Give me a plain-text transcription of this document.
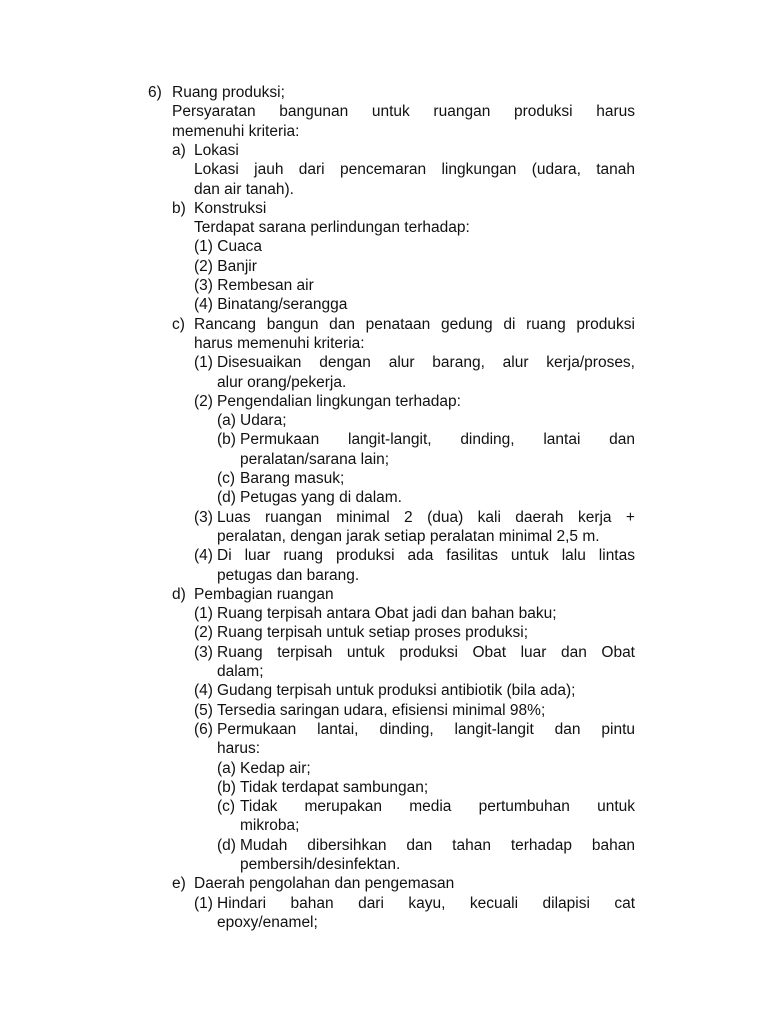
6) Ruang produksi;
Persyaratan bangunan untuk ruangan produksi harus
memenuhi kriteria:
a) Lokasi
Lokasi jauh dari pencemaran lingkungan (udara, tanah
dan air tanah).
b) Konstruksi
Terdapat sarana perlindungan terhadap:
(1) Cuaca
(2) Banjir
(3) Rembesan air
(4) Binatang/serangga
c) Rancang bangun dan penataan gedung di ruang produksi
harus memenuhi kriteria:
(1) Disesuaikan dengan alur barang, alur kerja/proses,
alur orang/pekerja.
(2) Pengendalian lingkungan terhadap:
(a) Udara;
(b) Permukaan langit-langit, dinding, lantai dan
peralatan/sarana lain;
(c) Barang masuk;
(d) Petugas yang di dalam.
(3) Luas ruangan minimal 2 (dua) kali daerah kerja +
peralatan, dengan jarak setiap peralatan minimal 2,5 m.
(4) Di luar ruang produksi ada fasilitas untuk lalu lintas
petugas dan barang.
d) Pembagian ruangan
(1) Ruang terpisah antara Obat jadi dan bahan baku;
(2) Ruang terpisah untuk setiap proses produksi;
(3) Ruang terpisah untuk produksi Obat luar dan Obat
dalam;
(4) Gudang terpisah untuk produksi antibiotik (bila ada);
(5) Tersedia saringan udara, efisiensi minimal 98%;
(6) Permukaan lantai, dinding, langit-langit dan pintu
harus:
(a) Kedap air;
(b) Tidak terdapat sambungan;
(c) Tidak merupakan media pertumbuhan untuk
mikroba;
(d) Mudah dibersihkan dan tahan terhadap bahan
pembersih/desinfektan.
e) Daerah pengolahan dan pengemasan
(1) Hindari bahan dari kayu, kecuali dilapisi cat
epoxy/enamel;
